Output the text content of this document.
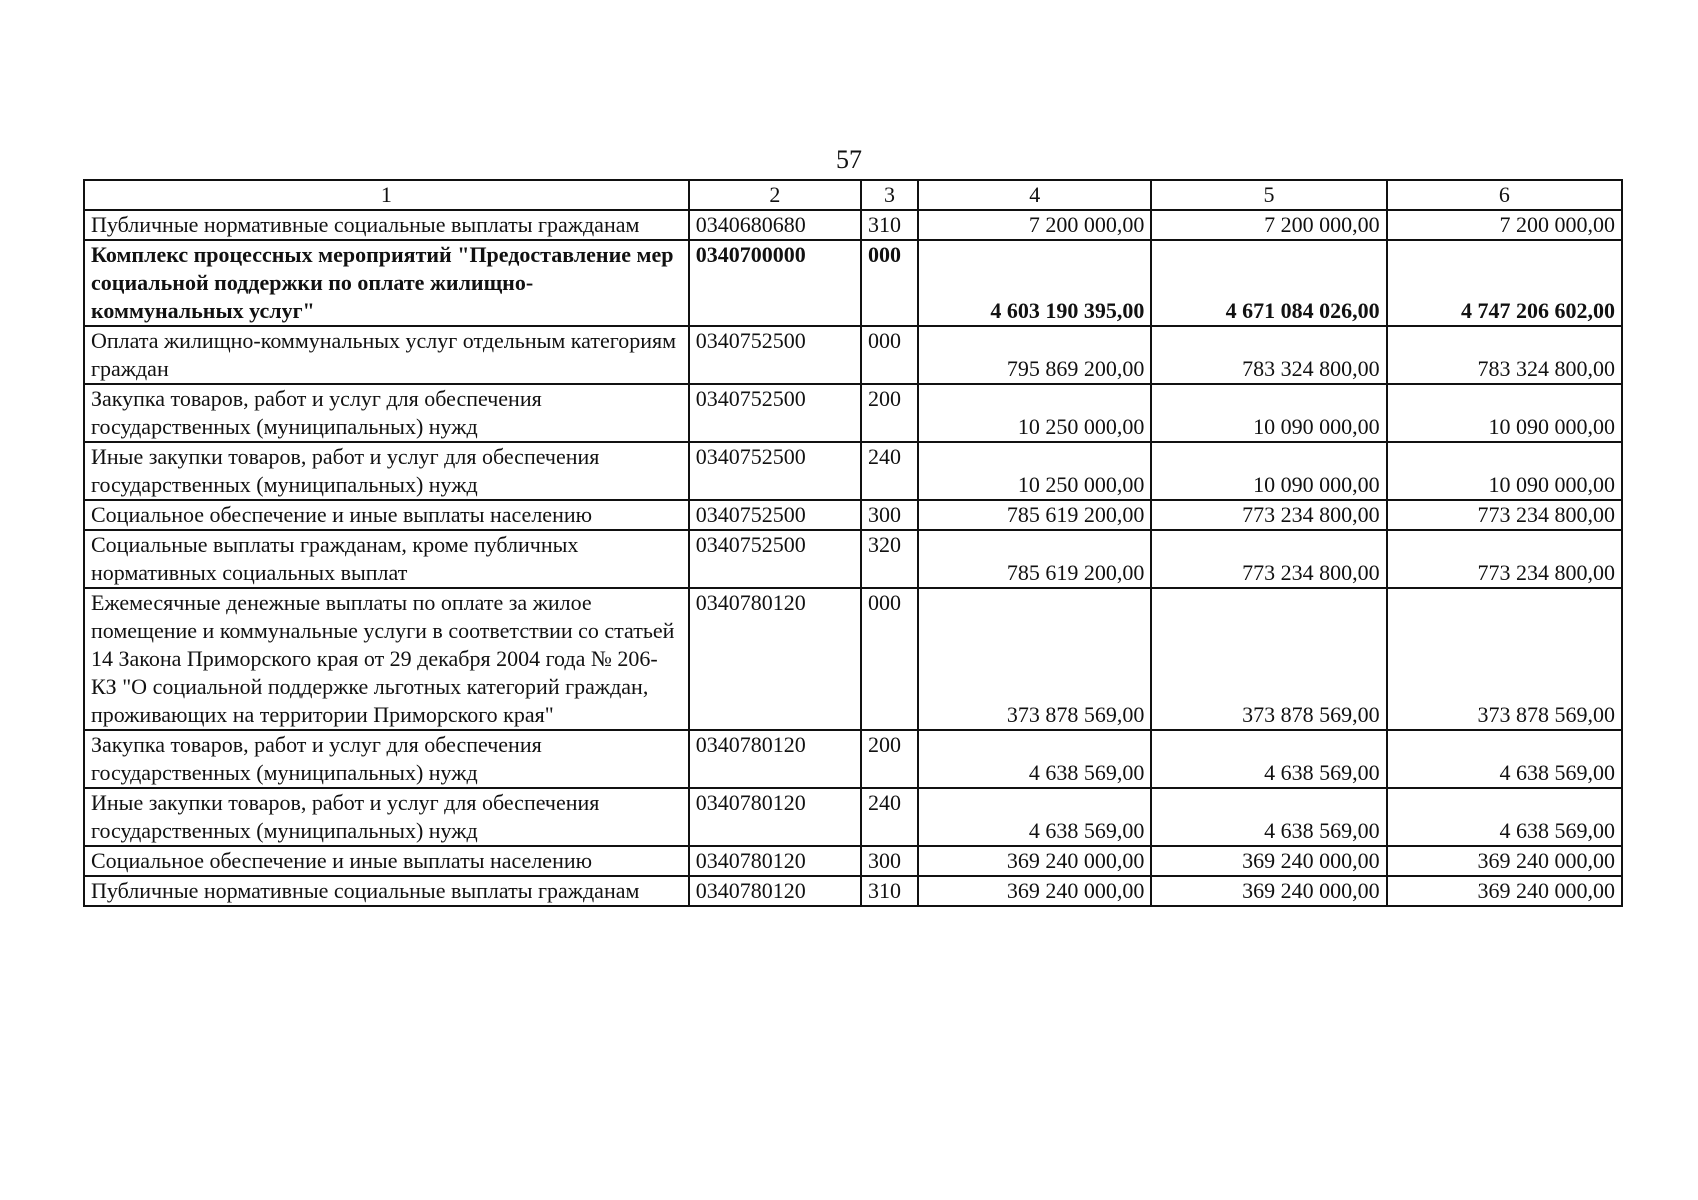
57
1	2	3	4	5	6
Публичные нормативные социальные выплаты гражданам	0340680680	310	7 200 000,00	7 200 000,00	7 200 000,00
Комплекс процессных мероприятий "Предоставление мер социальной поддержки по оплате жилищно-коммунальных услуг"	0340700000	000	4 603 190 395,00	4 671 084 026,00	4 747 206 602,00
Оплата жилищно-коммунальных услуг отдельным категориям граждан	0340752500	000	795 869 200,00	783 324 800,00	783 324 800,00
Закупка товаров, работ и услуг для обеспечения государственных (муниципальных) нужд	0340752500	200	10 250 000,00	10 090 000,00	10 090 000,00
Иные закупки товаров, работ и услуг для обеспечения государственных (муниципальных) нужд	0340752500	240	10 250 000,00	10 090 000,00	10 090 000,00
Социальное обеспечение и иные выплаты населению	0340752500	300	785 619 200,00	773 234 800,00	773 234 800,00
Социальные выплаты гражданам, кроме публичных нормативных социальных выплат	0340752500	320	785 619 200,00	773 234 800,00	773 234 800,00
Ежемесячные денежные выплаты по оплате за жилое помещение и коммунальные услуги в соответствии со статьей 14 Закона Приморского края от 29 декабря 2004 года № 206-КЗ "О социальной поддержке льготных категорий граждан, проживающих на территории Приморского края"	0340780120	000	373 878 569,00	373 878 569,00	373 878 569,00
Закупка товаров, работ и услуг для обеспечения государственных (муниципальных) нужд	0340780120	200	4 638 569,00	4 638 569,00	4 638 569,00
Иные закупки товаров, работ и услуг для обеспечения государственных (муниципальных) нужд	0340780120	240	4 638 569,00	4 638 569,00	4 638 569,00
Социальное обеспечение и иные выплаты населению	0340780120	300	369 240 000,00	369 240 000,00	369 240 000,00
Публичные нормативные социальные выплаты гражданам	0340780120	310	369 240 000,00	369 240 000,00	369 240 000,00
